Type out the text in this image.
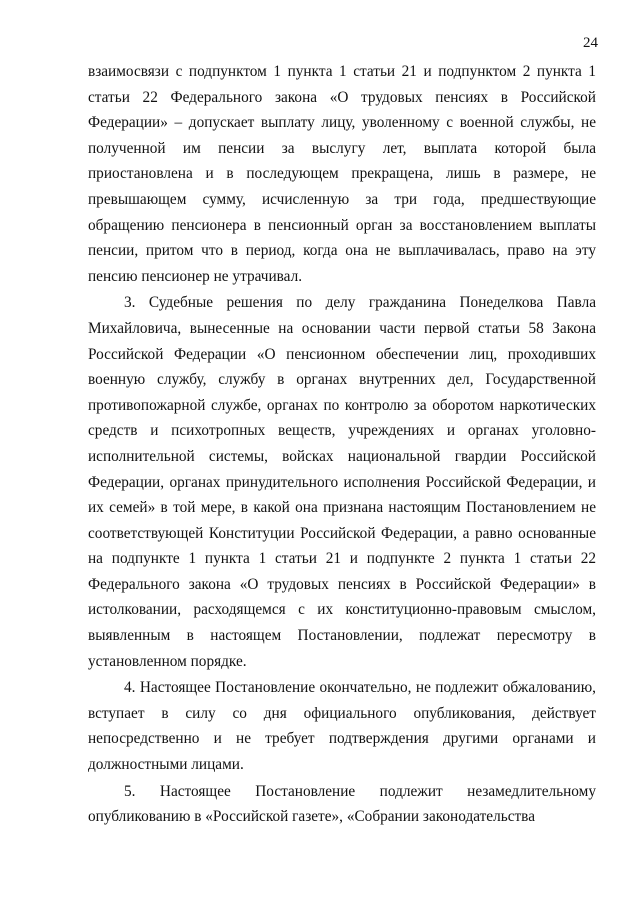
24

взаимосвязи с подпунктом 1 пункта 1 статьи 21 и подпунктом 2 пункта 1 статьи 22 Федерального закона «О трудовых пенсиях в Российской Федерации» – допускает выплату лицу, уволенному с военной службы, не полученной им пенсии за выслугу лет, выплата которой была приостановлена и в последующем прекращена, лишь в размере, не превышающем сумму, исчисленную за три года, предшествующие обращению пенсионера в пенсионный орган за восстановлением выплаты пенсии, притом что в период, когда она не выплачивалась, право на эту пенсию пенсионер не утрачивал.

3. Судебные решения по делу гражданина Понеделкова Павла Михайловича, вынесенные на основании части первой статьи 58 Закона Российской Федерации «О пенсионном обеспечении лиц, проходивших военную службу, службу в органах внутренних дел, Государственной противопожарной службе, органах по контролю за оборотом наркотических средств и психотропных веществ, учреждениях и органах уголовно-исполнительной системы, войсках национальной гвардии Российской Федерации, органах принудительного исполнения Российской Федерации, и их семей» в той мере, в какой она признана настоящим Постановлением не соответствующей Конституции Российской Федерации, а равно основанные на подпункте 1 пункта 1 статьи 21 и подпункте 2 пункта 1 статьи 22 Федерального закона «О трудовых пенсиях в Российской Федерации» в истолковании, расходящемся с их конституционно-правовым смыслом, выявленным в настоящем Постановлении, подлежат пересмотру в установленном порядке.

4. Настоящее Постановление окончательно, не подлежит обжалованию, вступает в силу со дня официального опубликования, действует непосредственно и не требует подтверждения другими органами и должностными лицами.

5. Настоящее Постановление подлежит незамедлительному опубликованию в «Российской газете», «Собрании законодательства
